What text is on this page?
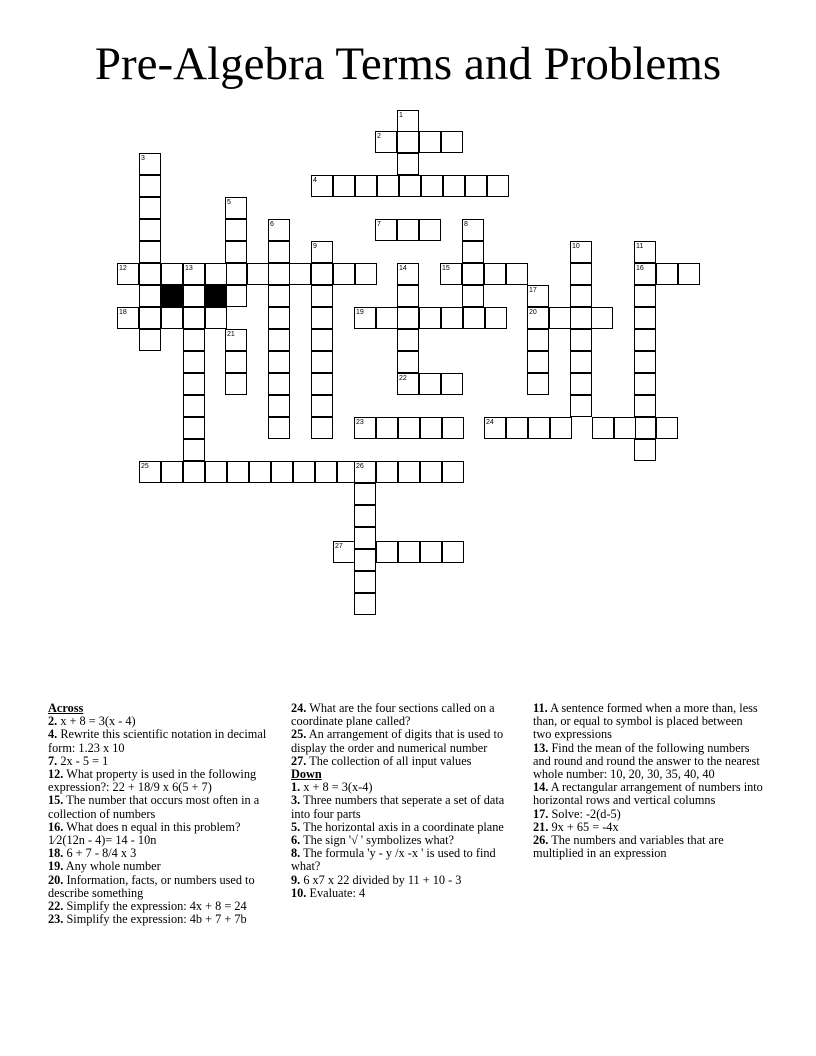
Pre-Algebra Terms and Problems
1
2
3
4
5
6	7	8
9	10	11
12	13	14	15	16
17
18	19	20
21
22
23	24
25	26
27
Across
2. x + 8 = 3(x - 4)
4. Rewrite this scientific notation in decimal form: 1.23 x 10
7. 2x - 5 = 1
12. What property is used in the following expression?: 22 + 18/9 x 6(5 + 7)
15. The number that occurs most often in a collection of numbers
16. What does n equal in this problem? 1⁄2(12n - 4)= 14 - 10n
18. 6 + 7 - 8/4 x 3
19. Any whole number
20. Information, facts, or numbers used to describe something
22. Simplify the expression: 4x + 8 = 24
23. Simplify the expression: 4b + 7 + 7b
24. What are the four sections called on a coordinate plane called?
25. An arrangement of digits that is used to display the order and numerical number
27. The collection of all input values
Down
1. x + 8 = 3(x-4)
3. Three numbers that seperate a set of data into four parts
5. The horizontal axis in a coordinate plane
6. The sign '√ ' symbolizes what?
8. The formula 'y - y /x -x ' is used to find what?
9. 6 x7 x 22 divided by 11 + 10 - 3
10. Evaluate: 4
11. A sentence formed when a more than, less than, or equal to symbol is placed between two expressions
13. Find the mean of the following numbers and round and round the answer to the nearest whole number: 10, 20, 30, 35, 40, 40
14. A rectangular arrangement of numbers into horizontal rows and vertical columns
17. Solve: -2(d-5)
21. 9x + 65 = -4x
26. The numbers and variables that are multiplied in an expression
